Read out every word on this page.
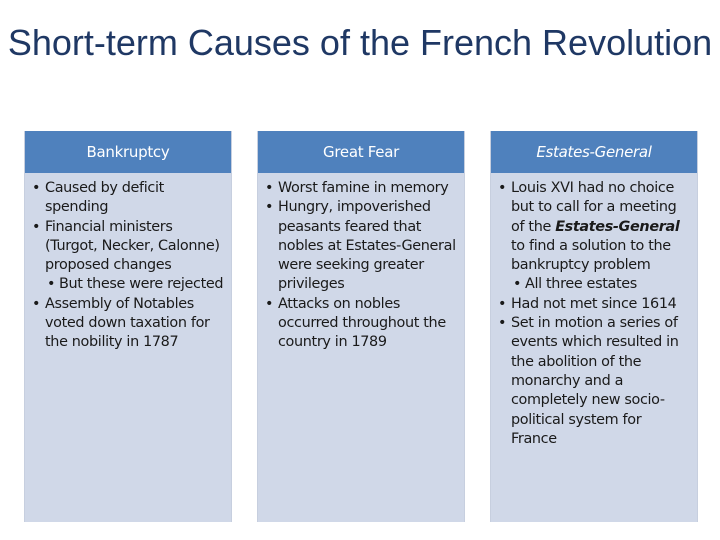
Short-term Causes of the French Revolution
Bankruptcy
• Caused by deficit spending
• Financial ministers (Turgot, Necker, Calonne) proposed changes
• But these were rejected
• Assembly of Notables voted down taxation for the nobility in 1787
Great Fear
• Worst famine in memory
• Hungry, impoverished peasants feared that nobles at Estates-General were seeking greater privileges
• Attacks on nobles occurred throughout the country in 1789
Estates-General
• Louis XVI had no choice but to call for a meeting of the Estates-General to find a solution to the bankruptcy problem
• All three estates
• Had not met since 1614
• Set in motion a series of events which resulted in the abolition of the monarchy and a completely new socio-political system for France
